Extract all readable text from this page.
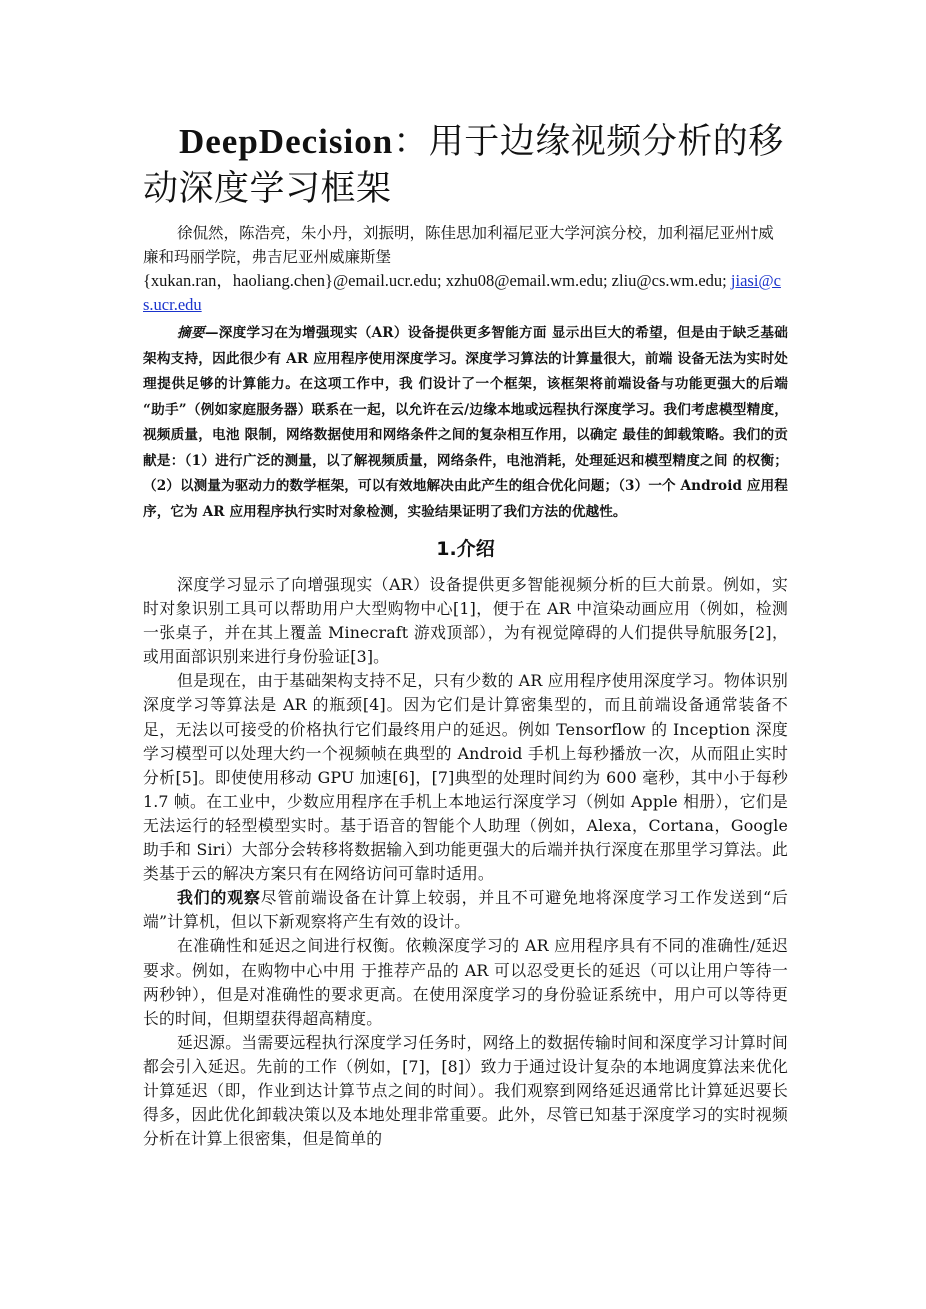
DeepDecision：用于边缘视频分析的移动深度学习框架

徐侃然，陈浩亮，朱小丹，刘振明，陈佳思加利福尼亚大学河滨分校，加利福尼亚州†威廉和玛丽学院，弗吉尼亚州威廉斯堡

{xukan.ran，haoliang.chen}@email.ucr.edu; xzhu08@email.wm.edu; zliu@cs.wm.edu; jiasi@cs.ucr.edu

摘要—深度学习在为增强现实（AR）设备提供更多智能方面 显示出巨大的希望，但是由于缺乏基础架构支持，因此很少有 AR 应用程序使用深度学习。深度学习算法的计算量很大，前端 设备无法为实时处理提供足够的计算能力。在这项工作中，我 们设计了一个框架，该框架将前端设备与功能更强大的后端 “助手”（例如家庭服务器）联系在一起，以允许在云/边缘本地或远程执行深度学习。我们考虑模型精度，视频质量，电池 限制，网络数据使用和网络条件之间的复杂相互作用，以确定 最佳的卸载策略。我们的贡献是：（1）进行广泛的测量，以了解视频质量，网络条件，电池消耗，处理延迟和模型精度之间 的权衡；（2）以测量为驱动力的数学框架，可以有效地解决由此产生的组合优化问题；（3）一个 Android 应用程序，它为 AR 应用程序执行实时对象检测，实验结果证明了我们方法的优越性。

1.介绍

深度学习显示了向增强现实（AR）设备提供更多智能视频分析的巨大前景。例如，实时对象识别工具可以帮助用户大型购物中心[1]，便于在 AR 中渲染动画应用（例如，检测一张桌子，并在其上覆盖 Minecraft 游戏顶部），为有视觉障碍的人们提供导航服务[2]，或用面部识别来进行身份验证[3]。

但是现在，由于基础架构支持不足，只有少数的 AR 应用程序使用深度学习。物体识别深度学习等算法是 AR 的瓶颈[4]。因为它们是计算密集型的，而且前端设备通常装备不足，无法以可接受的价格执行它们最终用户的延迟。例如 Tensorflow 的 Inception 深度学习模型可以处理大约一个视频帧在典型的 Android 手机上每秒播放一次，从而阻止实时分析[5]。即使使用移动 GPU 加速[6]，[7]典型的处理时间约为 600 毫秒，其中小于每秒 1.7 帧。在工业中，少数应用程序在手机上本地运行深度学习（例如 Apple 相册），它们是无法运行的轻型模型实时。基于语音的智能个人助理（例如，Alexa，Cortana，Google 助手和 Siri）大部分会转移将数据输入到功能更强大的后端并执行深度在那里学习算法。此类基于云的解决方案只有在网络访问可靠时适用。

我们的观察尽管前端设备在计算上较弱，并且不可避免地将深度学习工作发送到“后端”计算机，但以下新观察将产生有效的设计。

在准确性和延迟之间进行权衡。依赖深度学习的 AR 应用程序具有不同的准确性/延迟要求。例如，在购物中心中用 于推荐产品的 AR 可以忍受更长的延迟（可以让用户等待一两秒钟），但是对准确性的要求更高。在使用深度学习的身份验证系统中，用户可以等待更长的时间，但期望获得超高精度。

延迟源。当需要远程执行深度学习任务时，网络上的数据传输时间和深度学习计算时间都会引入延迟。先前的工作（例如，[7]，[8]）致力于通过设计复杂的本地调度算法来优化计算延迟（即，作业到达计算节点之间的时间）。我们观察到网络延迟通常比计算延迟要长得多，因此优化卸载决策以及本地处理非常重要。此外，尽管已知基于深度学习的实时视频分析在计算上很密集，但是简单的
